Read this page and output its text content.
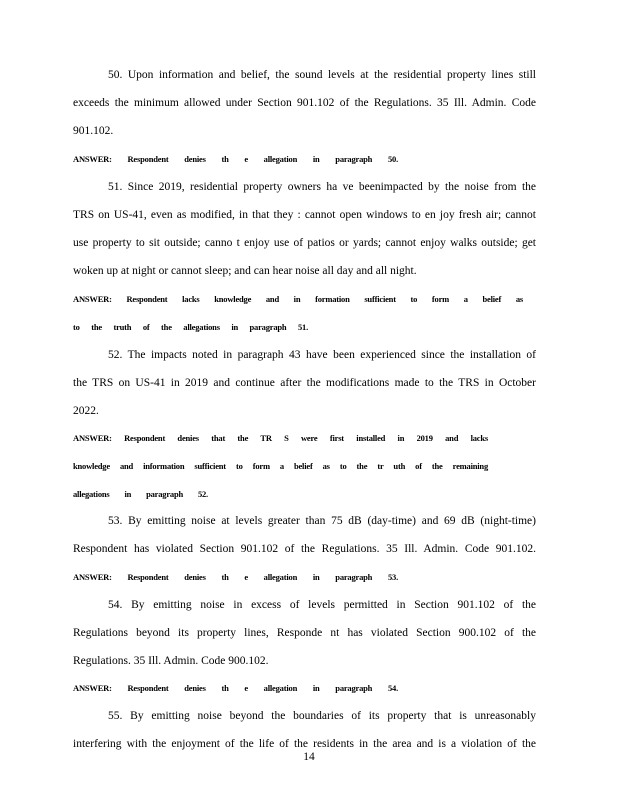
50. Upon information and belief, the sound levels at the residential property lines still
exceeds the minimum allowed under Section 901.102 of the Regulations. 35 Ill. Admin. Code
901.102.
ANSWER: Respondent denies th e allegation in paragraph 50.
51. Since 2019, residential property owners ha ve beenimpacted by the noise from the
TRS on US-41, even as modified, in that they : cannot open windows to en joy fresh air; cannot
use property to sit outside; canno t enjoy use of patios or yards; cannot enjoy walks outside; get
woken up at night or cannot sleep; and can hear noise all day and all night.
ANSWER: Respondent lacks knowledge and in formation sufficient to form a belief as
to the truth of the allegations in paragraph 51.
52. The impacts noted in paragraph 43 have been experienced since the installation of
the TRS on US-41 in 2019 and continue after the modifications made to the TRS in October
2022.
ANSWER: Respondent denies that the TR S were first installed in 2019 and lacks
knowledge and information sufficient to form a belief as to the tr uth of the remaining
allegations in paragraph 52.
53. By emitting noise at levels greater than 75 dB (day-time) and 69 dB (night-time)
Respondent has violated Section 901.102 of the Regulations. 35 Ill. Admin. Code 901.102.
ANSWER: Respondent denies th e allegation in paragraph 53.
54. By emitting noise in excess of levels permitted in Section 901.102 of the
Regulations beyond its property lines, Responde nt has violated Section 900.102 of the
Regulations. 35 Ill. Admin. Code 900.102.
ANSWER: Respondent denies th e allegation in paragraph 54.
55. By emitting noise beyond the boundaries of its property that is unreasonably
interfering with the enjoyment of the life of the residents in the area and is a violation of the
14
